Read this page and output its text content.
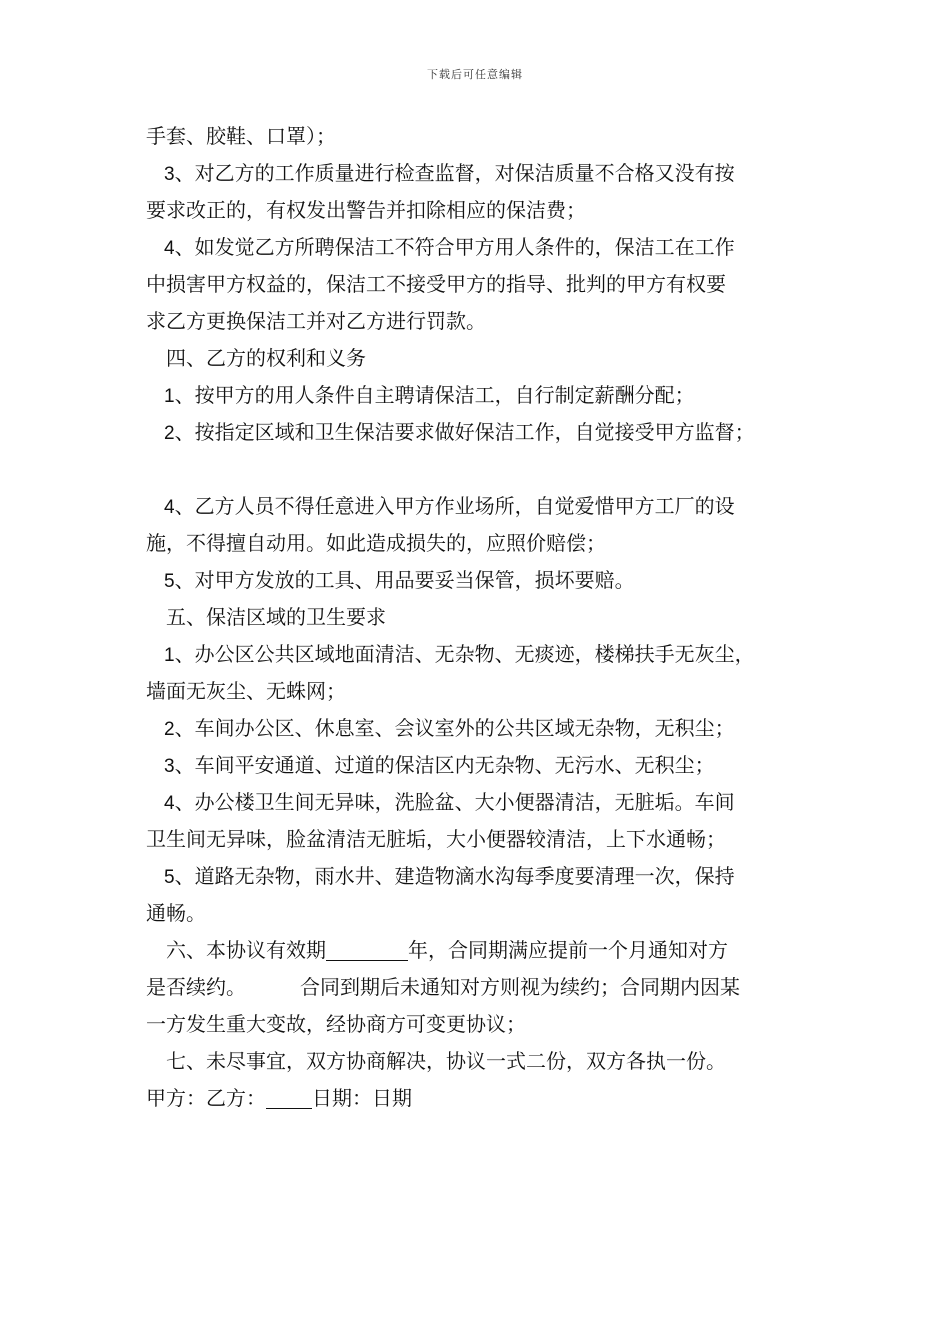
下载后可任意编辑
手套、胶鞋、口罩）；
3、对乙方的工作质量进行检查监督，对保洁质量不合格又没有按
要求改正的，有权发出警告并扣除相应的保洁费；
4、如发觉乙方所聘保洁工不符合甲方用人条件的，保洁工在工作
中损害甲方权益的，保洁工不接受甲方的指导、批判的甲方有权要
求乙方更换保洁工并对乙方进行罚款。
四、乙方的权利和义务
1、按甲方的用人条件自主聘请保洁工，自行制定薪酬分配；
2、按指定区域和卫生保洁要求做好保洁工作，自觉接受甲方监督；
4、乙方人员不得任意进入甲方作业场所，自觉爱惜甲方工厂的设
施，不得擅自动用。如此造成损失的，应照价赔偿；
5、对甲方发放的工具、用品要妥当保管，损坏要赔。
五、保洁区域的卫生要求
1、办公区公共区域地面清洁、无杂物、无痰迹，楼梯扶手无灰尘，
墙面无灰尘、无蛛网；
2、车间办公区、休息室、会议室外的公共区域无杂物，无积尘；
3、车间平安通道、过道的保洁区内无杂物、无污水、无积尘；
4、办公楼卫生间无异味，洗脸盆、大小便器清洁，无脏垢。车间
卫生间无异味，脸盆清洁无脏垢，大小便器较清洁，上下水通畅；
5、道路无杂物，雨水井、建造物滴水沟每季度要清理一次，保持
通畅。
六、本协议有效期	年，合同期满应提前一个月通知对方
是否续约。	合同到期后未通知对方则视为续约；合同期内因某
一方发生重大变故，经协商方可变更协议；
七、未尽事宜，双方协商解决，协议一式二份，双方各执一份。
甲方：乙方： 日期：日期
